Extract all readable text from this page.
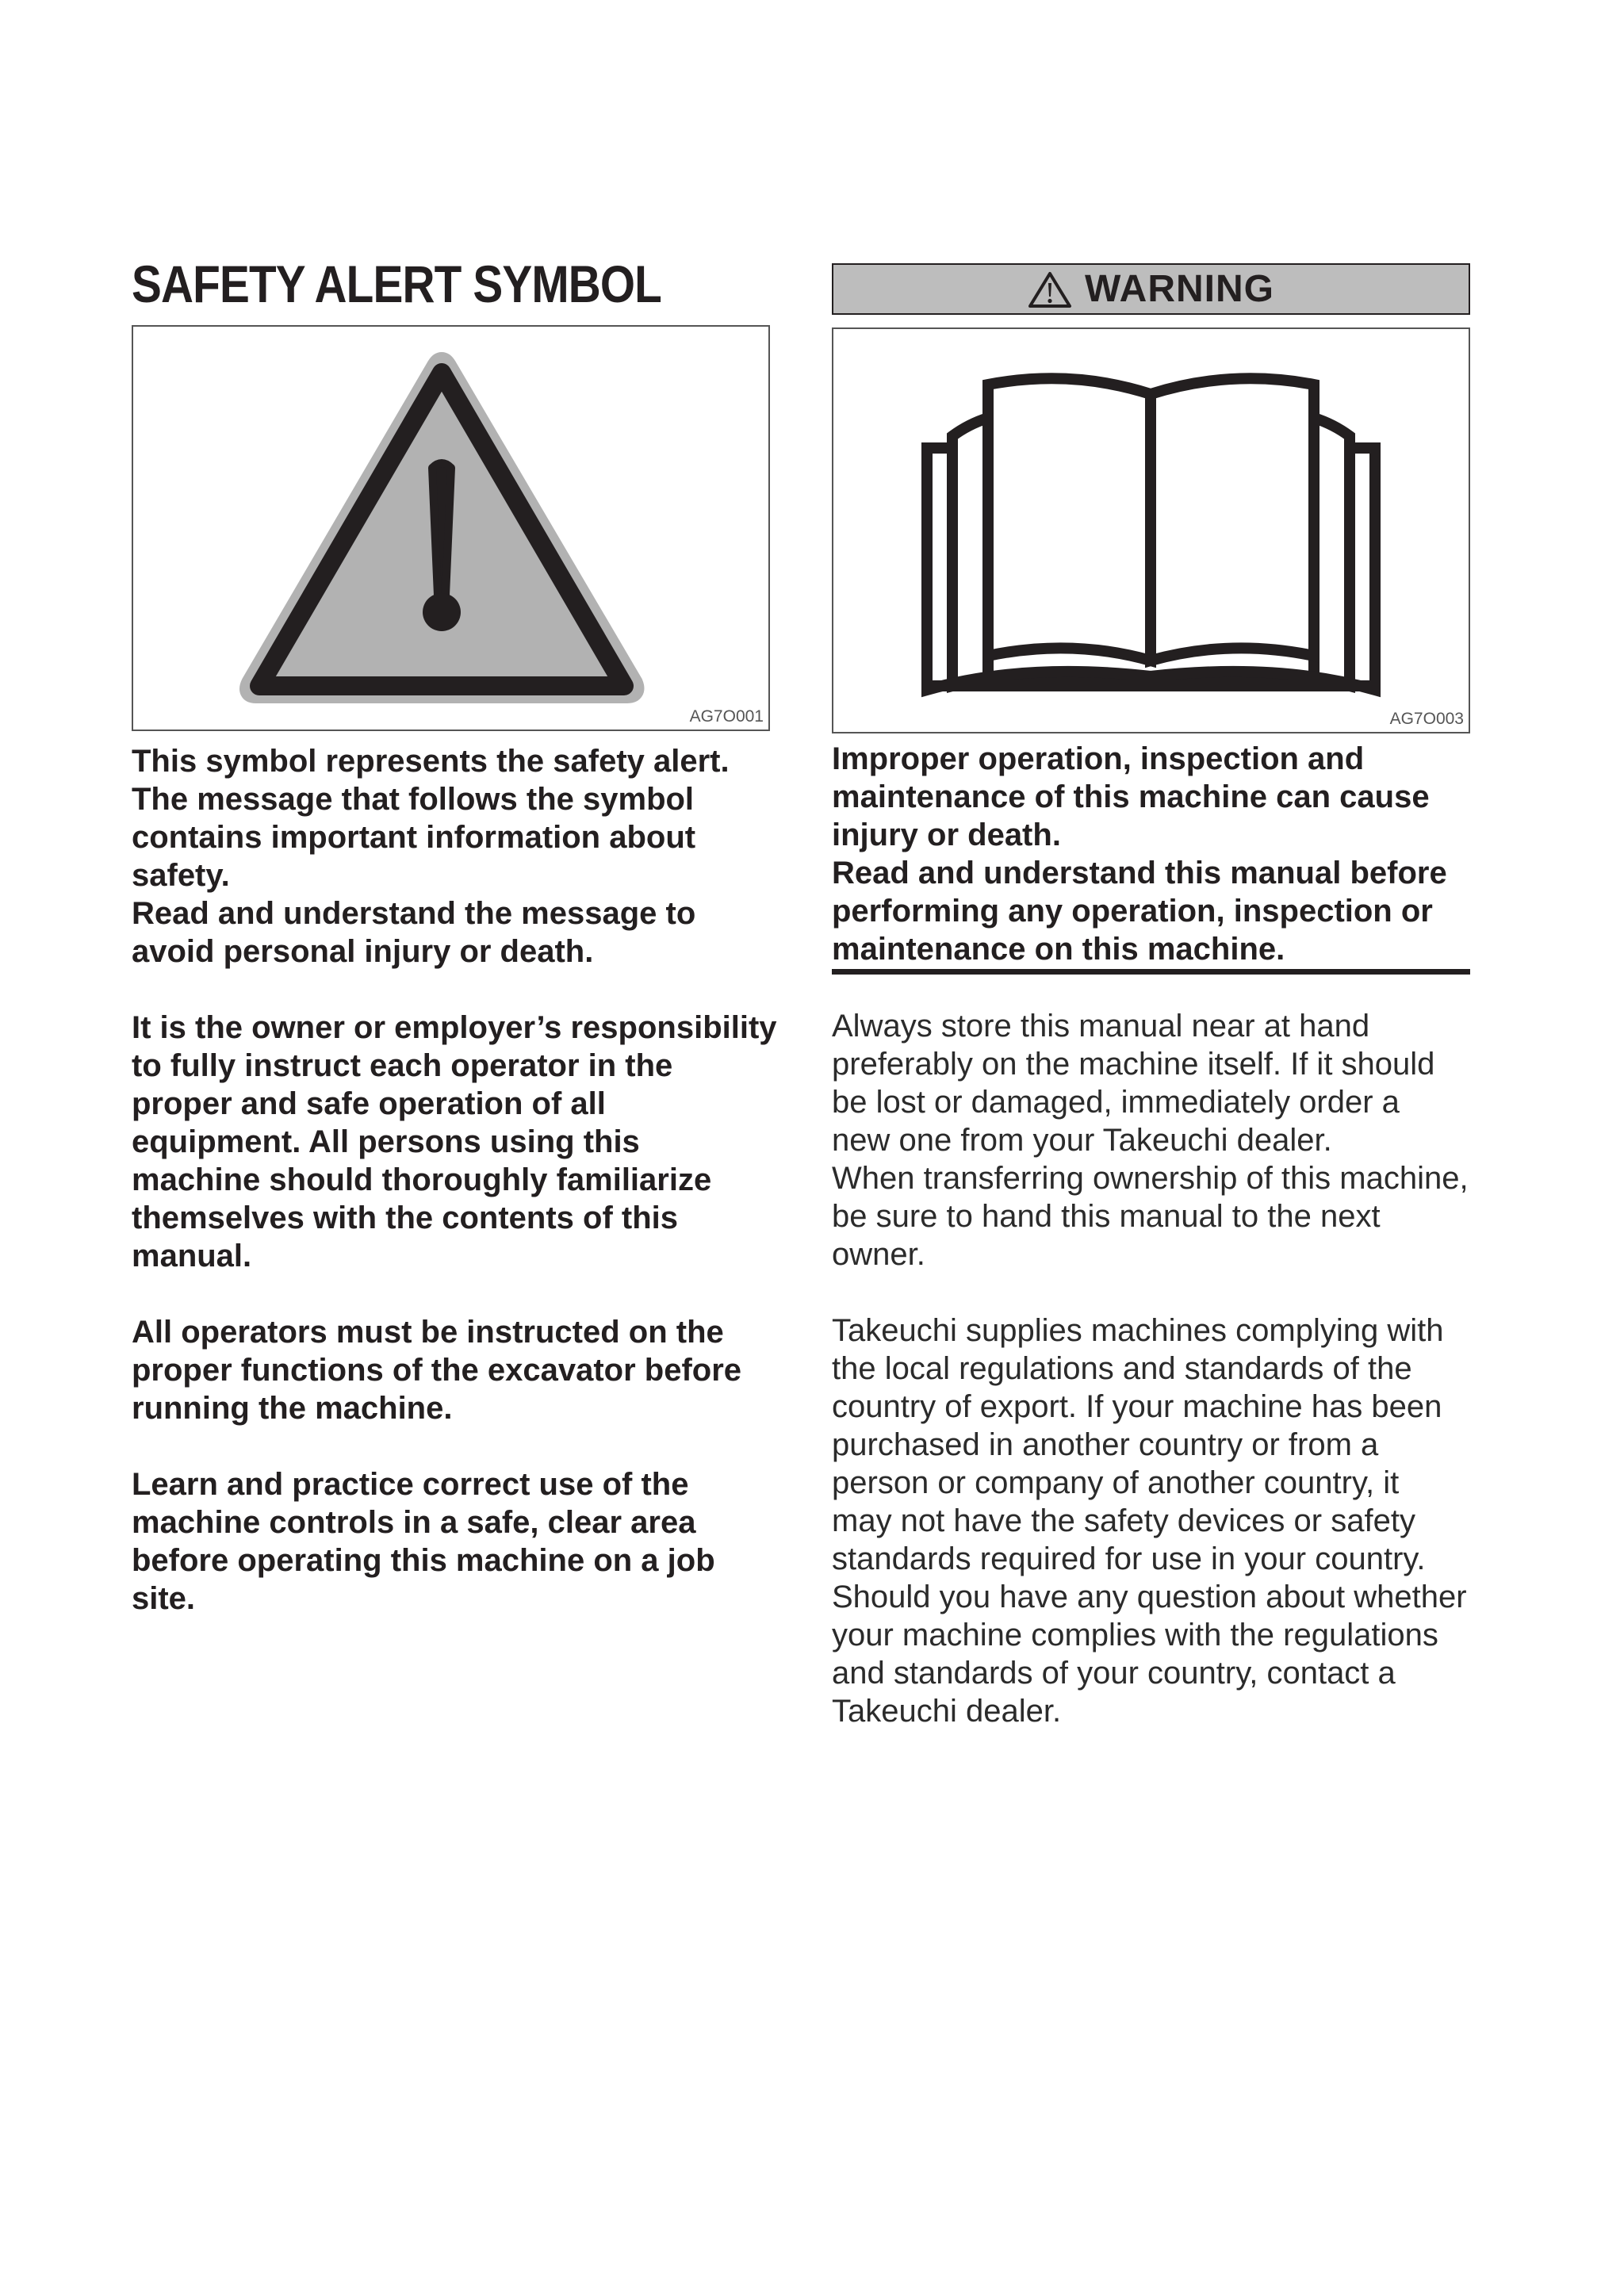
SAFETY ALERT SYMBOL
AG7O001
WARNING
AG7O003

This symbol represents the safety alert.
The message that follows the symbol
contains important information about
safety.
Read and understand the message to
avoid personal injury or death.

It is the owner or employer’s responsibility
to fully instruct each operator in the
proper and safe operation of all
equipment. All persons using this
machine should thoroughly familiarize
themselves with the contents of this
manual.

All operators must be instructed on the
proper functions of the excavator before
running the machine.

Learn and practice correct use of the
machine controls in a safe, clear area
before operating this machine on a job
site.

Improper operation, inspection and
maintenance of this machine can cause
injury or death.
Read and understand this manual before
performing any operation, inspection or
maintenance on this machine.

Always store this manual near at hand
preferably on the machine itself. If it should
be lost or damaged, immediately order a
new one from your Takeuchi dealer.
When transferring ownership of this machine,
be sure to hand this manual to the next
owner.

Takeuchi supplies machines complying with
the local regulations and standards of the
country of export. If your machine has been
purchased in another country or from a
person or company of another country, it
may not have the safety devices or safety
standards required for use in your country.
Should you have any question about whether
your machine complies with the regulations
and standards of your country, contact a
Takeuchi dealer.
